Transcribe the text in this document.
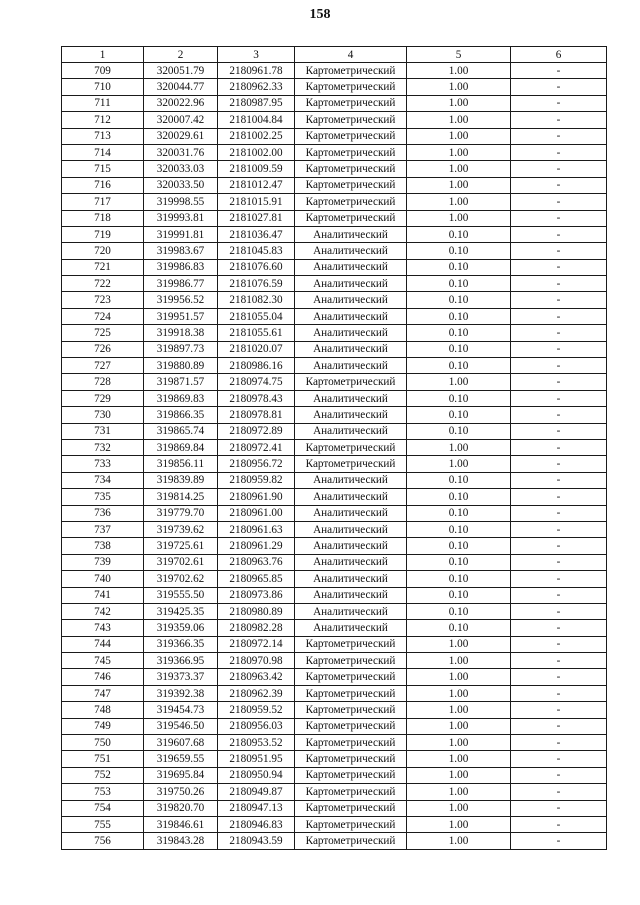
158
1	2	3	4	5	6
709	320051.79	2180961.78	Картометрический	1.00	-
710	320044.77	2180962.33	Картометрический	1.00	-
711	320022.96	2180987.95	Картометрический	1.00	-
712	320007.42	2181004.84	Картометрический	1.00	-
713	320029.61	2181002.25	Картометрический	1.00	-
714	320031.76	2181002.00	Картометрический	1.00	-
715	320033.03	2181009.59	Картометрический	1.00	-
716	320033.50	2181012.47	Картометрический	1.00	-
717	319998.55	2181015.91	Картометрический	1.00	-
718	319993.81	2181027.81	Картометрический	1.00	-
719	319991.81	2181036.47	Аналитический	0.10	-
720	319983.67	2181045.83	Аналитический	0.10	-
721	319986.83	2181076.60	Аналитический	0.10	-
722	319986.77	2181076.59	Аналитический	0.10	-
723	319956.52	2181082.30	Аналитический	0.10	-
724	319951.57	2181055.04	Аналитический	0.10	-
725	319918.38	2181055.61	Аналитический	0.10	-
726	319897.73	2181020.07	Аналитический	0.10	-
727	319880.89	2180986.16	Аналитический	0.10	-
728	319871.57	2180974.75	Картометрический	1.00	-
729	319869.83	2180978.43	Аналитический	0.10	-
730	319866.35	2180978.81	Аналитический	0.10	-
731	319865.74	2180972.89	Аналитический	0.10	-
732	319869.84	2180972.41	Картометрический	1.00	-
733	319856.11	2180956.72	Картометрический	1.00	-
734	319839.89	2180959.82	Аналитический	0.10	-
735	319814.25	2180961.90	Аналитический	0.10	-
736	319779.70	2180961.00	Аналитический	0.10	-
737	319739.62	2180961.63	Аналитический	0.10	-
738	319725.61	2180961.29	Аналитический	0.10	-
739	319702.61	2180963.76	Аналитический	0.10	-
740	319702.62	2180965.85	Аналитический	0.10	-
741	319555.50	2180973.86	Аналитический	0.10	-
742	319425.35	2180980.89	Аналитический	0.10	-
743	319359.06	2180982.28	Аналитический	0.10	-
744	319366.35	2180972.14	Картометрический	1.00	-
745	319366.95	2180970.98	Картометрический	1.00	-
746	319373.37	2180963.42	Картометрический	1.00	-
747	319392.38	2180962.39	Картометрический	1.00	-
748	319454.73	2180959.52	Картометрический	1.00	-
749	319546.50	2180956.03	Картометрический	1.00	-
750	319607.68	2180953.52	Картометрический	1.00	-
751	319659.55	2180951.95	Картометрический	1.00	-
752	319695.84	2180950.94	Картометрический	1.00	-
753	319750.26	2180949.87	Картометрический	1.00	-
754	319820.70	2180947.13	Картометрический	1.00	-
755	319846.61	2180946.83	Картометрический	1.00	-
756	319843.28	2180943.59	Картометрический	1.00	-
